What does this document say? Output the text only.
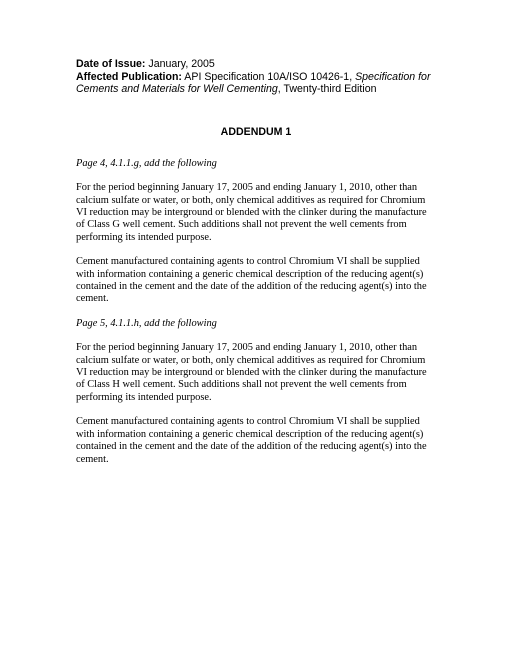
Date of Issue: January, 2005
Affected Publication: API Specification 10A/ISO 10426-1, Specification for Cements and Materials for Well Cementing, Twenty-third Edition
ADDENDUM 1
Page 4, 4.1.1.g, add the following

For the period beginning January 17, 2005 and ending January 1, 2010, other than calcium sulfate or water, or both, only chemical additives as required for Chromium VI reduction may be interground or blended with the clinker during the manufacture of Class G well cement. Such additions shall not prevent the well cements from performing its intended purpose.

Cement manufactured containing agents to control Chromium VI shall be supplied with information containing a generic chemical description of the reducing agent(s) contained in the cement and the date of the addition of the reducing agent(s) into the cement.

Page 5, 4.1.1.h, add the following

For the period beginning January 17, 2005 and ending January 1, 2010, other than calcium sulfate or water, or both, only chemical additives as required for Chromium VI reduction may be interground or blended with the clinker during the manufacture of Class H well cement. Such additions shall not prevent the well cements from performing its intended purpose.

Cement manufactured containing agents to control Chromium VI shall be supplied with information containing a generic chemical description of the reducing agent(s) contained in the cement and the date of the addition of the reducing agent(s) into the cement.
